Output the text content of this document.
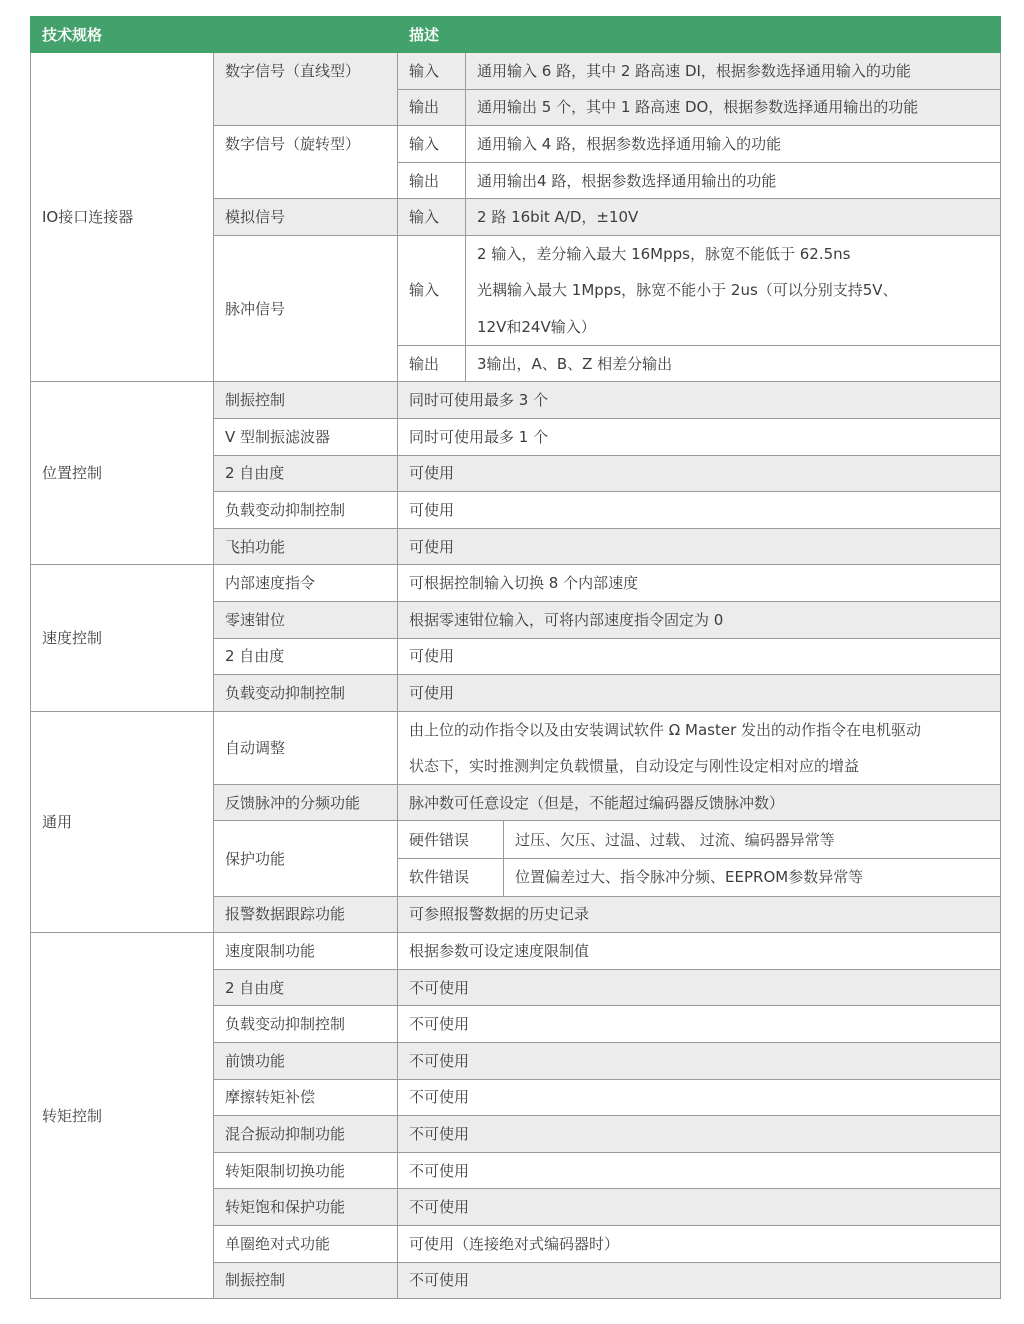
技术规格	描述
IO接口连接器	数字信号（直线型）	输入	通用输入 6 路，其中 2 路高速 DI，根据参数选择通用输入的功能
输出	通用输出 5 个，其中 1 路高速 DO，根据参数选择通用输出的功能
数字信号（旋转型）	输入	通用输入 4 路，根据参数选择通用输入的功能
输出	通用输出4 路，根据参数选择通用输出的功能
模拟信号	输入	2 路 16bit A/D，±10V
脉冲信号	输入	2 输入，差分输入最大 16Mpps，脉宽不能低于 62.5ns
光耦输入最大 1Mpps，脉宽不能小于 2us（可以分别支持5V、
12V和24V输入）
输出	3输出，A、B、Z 相差分输出
位置控制	制振控制	同时可使用最多 3 个
V 型制振滤波器	同时可使用最多 1 个
2 自由度	可使用
负载变动抑制控制	可使用
飞拍功能	可使用
速度控制	内部速度指令	可根据控制输入切换 8 个内部速度
零速钳位	根据零速钳位输入，可将内部速度指令固定为 0
2 自由度	可使用
负载变动抑制控制	可使用
通用	自动调整	由上位的动作指令以及由安装调试软件 Ω Master 发出的动作指令在电机驱动
状态下，实时推测判定负载惯量，自动设定与刚性设定相对应的增益
反馈脉冲的分频功能	脉冲数可任意设定（但是，不能超过编码器反馈脉冲数）
保护功能	
硬件错误	过压、欠压、过温、过载、 过流、编码器异常等

软件错误	位置偏差过大、指令脉冲分频、EEPROM参数异常等

报警数据跟踪功能	可参照报警数据的历史记录
转矩控制	速度限制功能	根据参数可设定速度限制值
2 自由度	不可使用
负载变动抑制控制	不可使用
前馈功能	不可使用
摩擦转矩补偿	不可使用
混合振动抑制功能	不可使用
转矩限制切换功能	不可使用
转矩饱和保护功能	不可使用
单圈绝对式功能	可使用（连接绝对式编码器时）
制振控制	不可使用
